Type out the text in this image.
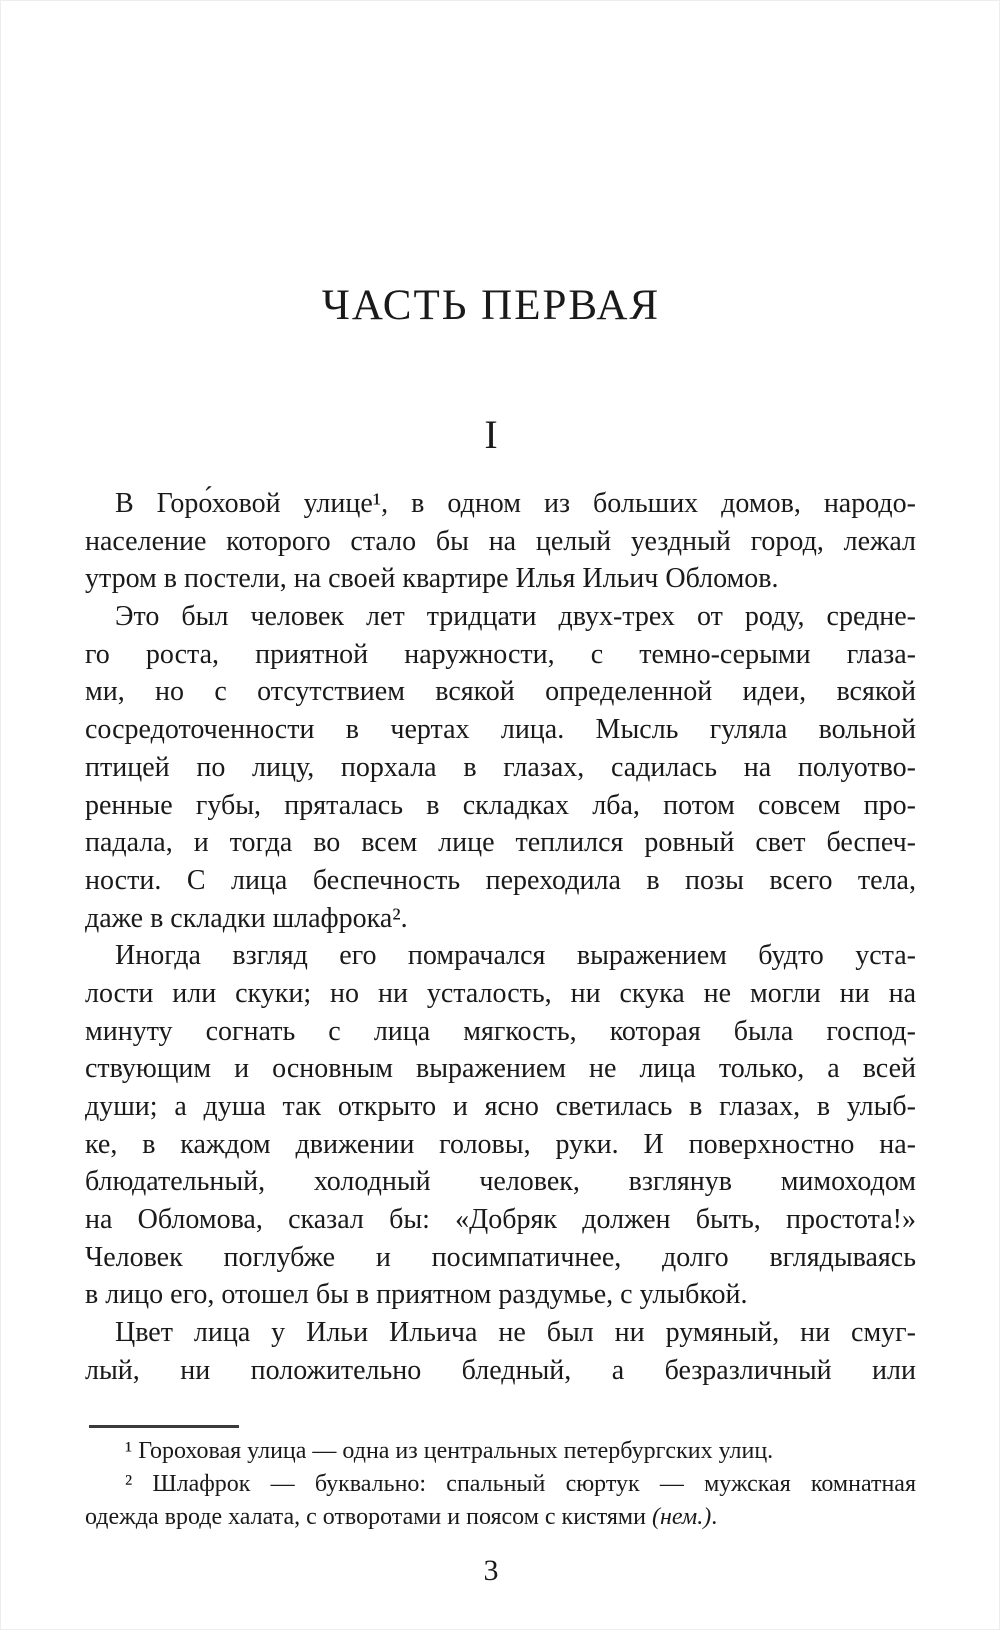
ЧАСТЬ ПЕРВАЯ
I

В Горо́ховой улице¹, в одном из больших домов, народо-
население которого стало бы на целый уездный город, лежал
утром в постели, на своей квартире Илья Ильич Обломов.

Это был человек лет тридцати двух-трех от роду, средне-
го роста, приятной наружности, с темно-серыми глаза-
ми, но с отсутствием всякой определенной идеи, всякой
сосредоточенности в чертах лица. Мысль гуляла вольной
птицей по лицу, порхала в глазах, садилась на полуотво-
ренные губы, пряталась в складках лба, потом совсем про-
падала, и тогда во всем лице теплился ровный свет беспеч-
ности. С лица беспечность переходила в позы всего тела,
даже в складки шлафрока².

Иногда взгляд его помрачался выражением будто уста-
лости или скуки; но ни усталость, ни скука не могли ни на
минуту согнать с лица мягкость, которая была господ-
ствующим и основным выражением не лица только, а всей
души; а душа так открыто и ясно светилась в глазах, в улыб-
ке, в каждом движении головы, руки. И поверхностно на-
блюдательный, холодный человек, взглянув мимоходом
на Обломова, сказал бы: «Добряк должен быть, простота!»
Человек поглубже и посимпатичнее, долго вглядываясь
в лицо его, отошел бы в приятном раздумье, с улыбкой.

Цвет лица у Ильи Ильича не был ни румяный, ни смуг-
лый, ни положительно бледный, а безразличный или

¹ Гороховая улица — одна из центральных петербургских улиц.

² Шлафрок — буквально: спальный сюртук — мужская комнатная
одежда вроде халата, с отворотами и поясом с кистями (нем.).

3
